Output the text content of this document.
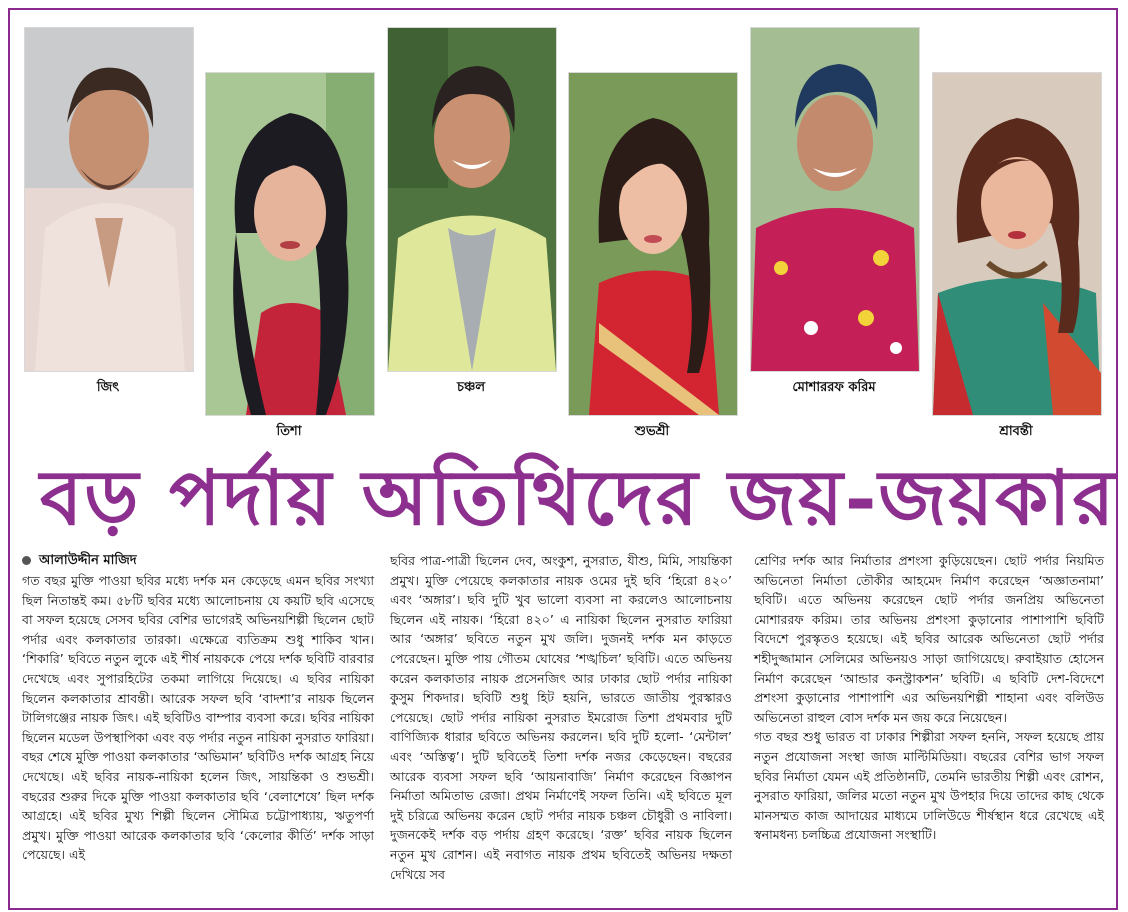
জিৎ
তিশা
চঞ্চল
শুভশ্রী
মোশাররফ করিম
শ্রাবন্তী
বড় পর্দায় অতিথিদের জয়-জয়কার
আলাউদ্দীন মাজিদ

গত বছর মুক্তি পাওয়া ছবির মধ্যে দর্শক মন কেড়েছে এমন ছবির সংখ্যা ছিল নিতান্তই কম। ৫৮টি ছবির মধ্যে আলোচনায় যে কয়টি ছবি এসেছে বা সফল হয়েছে সেসব ছবির বেশির ভাগেরই অভিনয়শিল্পী ছিলেন ছোট পর্দার এবং কলকাতার তারকা। এক্ষেত্রে ব্যতিক্রম শুধু শাকিব খান। ‘শিকারি’ ছবিতে নতুন লুকে এই শীর্ষ নায়ককে পেয়ে দর্শক ছবিটি বারবার দেখেছে এবং সুপারহিটের তকমা লাগিয়ে দিয়েছে। এ ছবির নায়িকা ছিলেন কলকাতার শ্রাবন্তী। আরেক সফল ছবি ‘বাদশা’র নায়ক ছিলেন টালিগঞ্জের নায়ক জিৎ। এই ছবিটিও বাম্পার ব্যবসা করে। ছবির নায়িকা ছিলেন মডেল উপস্থাপিকা এবং বড় পর্দার নতুন নায়িকা নুসরাত ফারিয়া। বছর শেষে মুক্তি পাওয়া কলকাতার ‘অভিমান’ ছবিটিও দর্শক আগ্রহ নিয়ে দেখেছে। এই ছবির নায়ক-নায়িকা হলেন জিৎ, সায়ন্তিকা ও শুভশ্রী। বছরের শুরুর দিকে মুক্তি পাওয়া কলকাতার ছবি ‘বেলাশেষে’ ছিল দর্শক আগ্রহে। এই ছবির মুখ্য শিল্পী ছিলেন সৌমিত্র চট্টোপাধ্যায়, ঋতুপর্ণা প্রমুখ। মুক্তি পাওয়া আরেক কলকাতার ছবি ‘কেলোর কীর্তি’ দর্শক সাড়া পেয়েছে। এই

ছবির পাত্র-পাত্রী ছিলেন দেব, অংকুশ, নুসরাত, যীশু, মিমি, সায়ন্তিকা প্রমুখ। মুক্তি পেয়েছে কলকাতার নায়ক ওমের দুই ছবি ‘হিরো ৪২০’ এবং ‘অঙ্গার’। ছবি দুটি খুব ভালো ব্যবসা না করলেও আলোচনায় ছিলেন এই নায়ক। ‘হিরো ৪২০’ এ নায়িকা ছিলেন নুসরাত ফারিয়া আর ‘অঙ্গার’ ছবিতে নতুন মুখ জলি। দুজনই দর্শক মন কাড়তে পেরেছেন। মুক্তি পায় গৌতম ঘোষের ‘শঙ্খচিল’ ছবিটি। এতে অভিনয় করেন কলকাতার নায়ক প্রসেনজিৎ আর ঢাকার ছোট পর্দার নায়িকা কুসুম শিকদার। ছবিটি শুধু হিট হয়নি, ভারতে জাতীয় পুরস্কারও পেয়েছে। ছোট পর্দার নায়িকা নুসরাত ইমরোজ তিশা প্রথমবার দুটি বাণিজ্যিক ধারার ছবিতে অভিনয় করলেন। ছবি দুটি হলো- ‘মেন্টাল’ এবং ‘অস্তিত্ব’। দুটি ছবিতেই তিশা দর্শক নজর কেড়েছেন। বছরের আরেক ব্যবসা সফল ছবি ‘আয়নাবাজি’ নির্মাণ করেছেন বিজ্ঞাপন নির্মাতা অমিতাভ রেজা। প্রথম নির্মাণেই সফল তিনি। এই ছবিতে মূল দুই চরিত্রে অভিনয় করেন ছোট পর্দার নায়ক চঞ্চল চৌধুরী ও নাবিলা। দুজনকেই দর্শক বড় পর্দায় গ্রহণ করেছে। ‘রক্ত’ ছবির নায়ক ছিলেন নতুন মুখ রোশন। এই নবাগত নায়ক প্রথম ছবিতেই অভিনয় দক্ষতা দেখিয়ে সব

শ্রেণির দর্শক আর নির্মাতার প্রশংসা কুড়িয়েছেন। ছোট পর্দার নিয়মিত অভিনেতা নির্মাতা তৌকীর আহমেদ নির্মাণ করেছেন ‘অজ্ঞাতনামা’ ছবিটি। এতে অভিনয় করেছেন ছোট পর্দার জনপ্রিয় অভিনেতা মোশাররফ করিম। তার অভিনয় প্রশংসা কুড়ানোর পাশাপাশি ছবিটি বিদেশে পুরস্কৃতও হয়েছে। এই ছবির আরেক অভিনেতা ছোট পর্দার শহীদুজ্জামান সেলিমের অভিনয়ও সাড়া জাগিয়েছে। রুবাইয়াত হোসেন নির্মাণ করেছেন ‘আন্ডার কনস্ট্রাকশন’ ছবিটি। এ ছবিটি দেশ-বিদেশে প্রশংসা কুড়ানোর পাশাপাশি এর অভিনয়শিল্পী শাহানা এবং বলিউড অভিনেতা রাহুল বোস দর্শক মন জয় করে নিয়েছেন।

গত বছর শুধু ভারত বা ঢাকার শিল্পীরা সফল হননি, সফল হয়েছে প্রায় নতুন প্রযোজনা সংস্থা জাজ মাল্টিমিডিয়া। বছরের বেশির ভাগ সফল ছবির নির্মাতা যেমন এই প্রতিষ্ঠানটি, তেমনি ভারতীয় শিল্পী এবং রোশন, নুসরাত ফারিয়া, জলির মতো নতুন মুখ উপহার দিয়ে তাদের কাছ থেকে মানসম্মত কাজ আদায়ের মাধ্যমে ঢালিউডে শীর্ষস্থান ধরে রেখেছে এই স্বনামধন্য চলচ্চিত্র প্রযোজনা সংস্থাটি।
